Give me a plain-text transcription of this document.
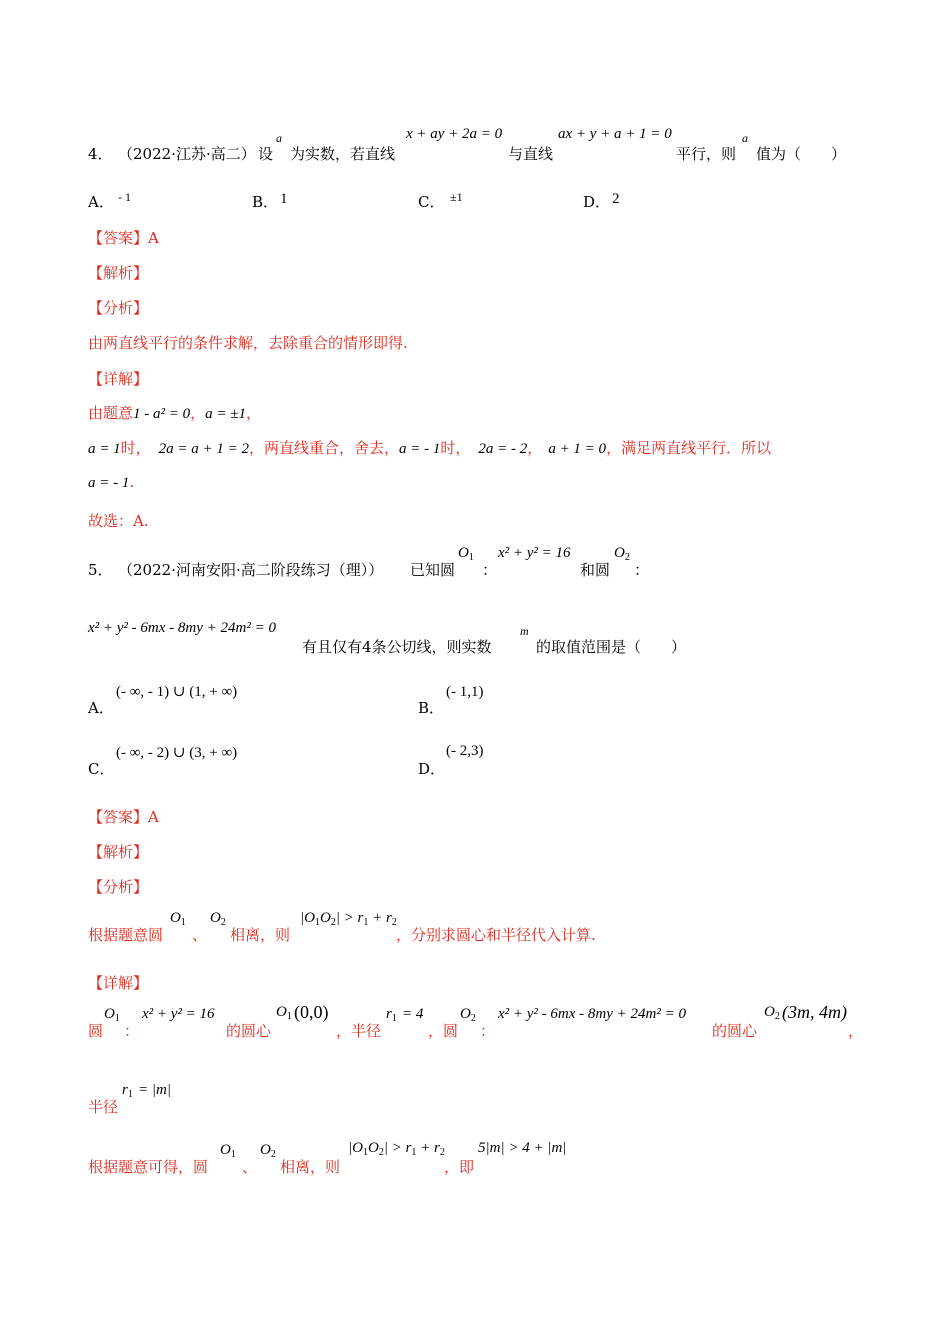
4． （2022·江苏·高二） 设
a
为实数，若直线
x + ay + 2a = 0
与直线
ax + y + a + 1 = 0
平行，则
a
值为（　　）
A． - 1	B． 1	C． ±1	D． 2
【答案】A
【解析】
【分析】
由两直线平行的条件求解，去除重合的情形即得.
【详解】
由题意1 - a² = 0，a = ±1，
a = 1时， 2a = a + 1 = 2，两直线重合，舍去，a = - 1时， 2a = - 2， a + 1 = 0，满足两直线平行．所以
a = - 1.
故选：A.
5． （2022·河南安阳·高二阶段练习（理）） 已知圆
$O_1$
：
x² + y² = 16
和圆
$O_2$
：
x² + y² - 6mx - 8my + 24m² = 0
有且仅有4条公切线，则实数
m
的取值范围是（　　）
A．
(- ∞, - 1) ∪ (1, + ∞)
B．
(- 1,1)
C．
(- ∞, - 2) ∪ (3, + ∞)
D．
(- 2,3)
【答案】A
【解析】
【分析】
根据题意圆
$O_1$
、
$O_2$
相离，则
$|O_1O_2| > r_1 + r_2$
，分别求圆心和半径代入计算.
【详解】
圆
$O_1$
：
x² + y² = 16
的圆心
$O_1$ (0,0)
，半径
$r_1 = 4$
，圆
$O_2$
：
x² + y² - 6mx - 8my + 24m² = 0
的圆心
$O_2$ (3m, 4m)
，
半径
$r_1 = |m|$
根据题意可得，圆
$O_1$
、
$O_2$
相离，则
$|O_1O_2| > r_1 + r_2$
，即
5|m| > 4 + |m|
